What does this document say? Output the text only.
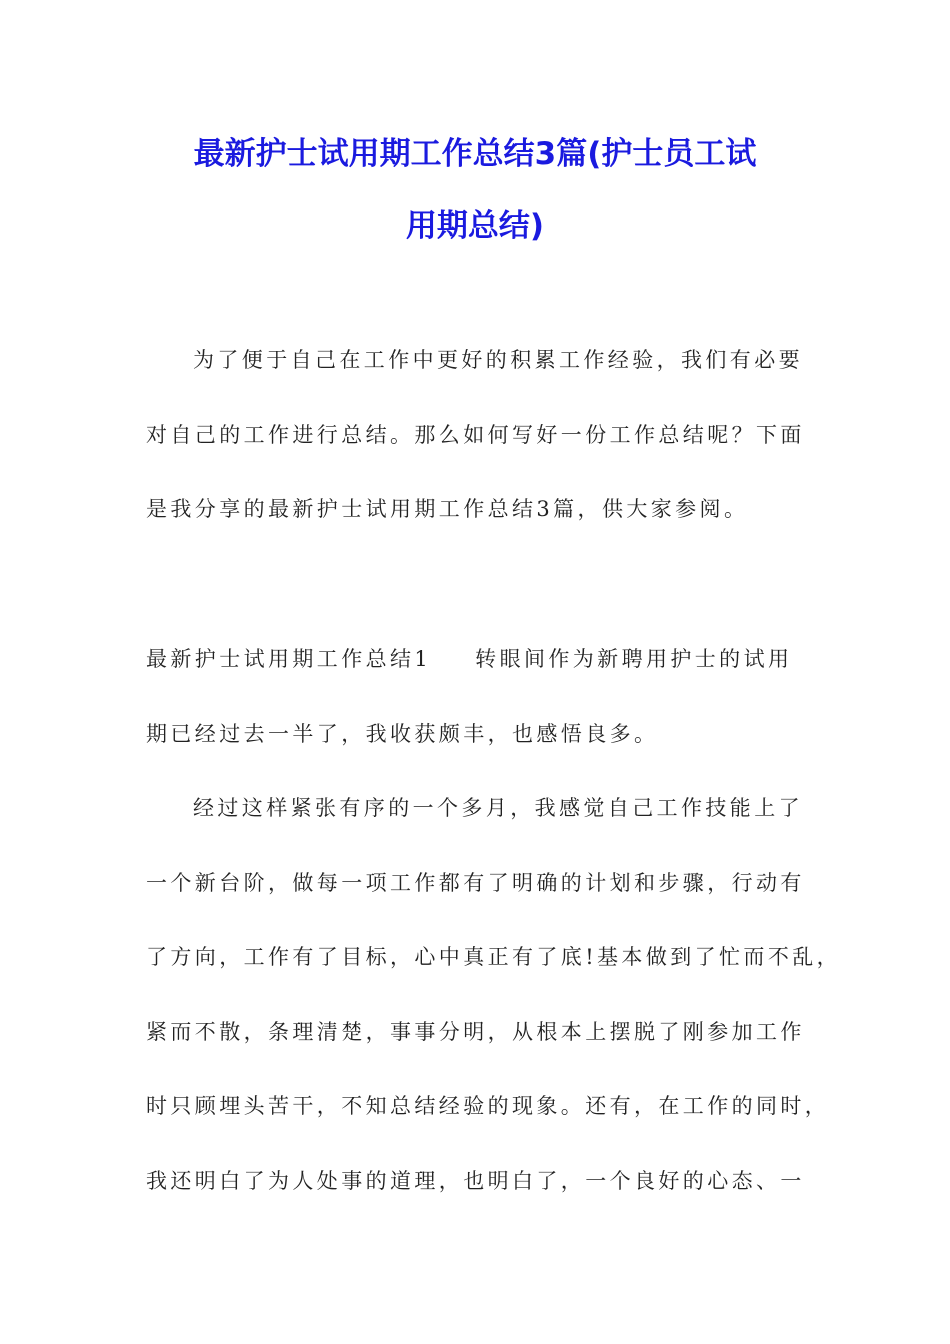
最新护士试用期工作总结3篇(护士员工试
用期总结)

为了便于自己在工作中更好的积累工作经验，我们有必要

对自己的工作进行总结。那么如何写好一份工作总结呢？下面

是我分享的最新护士试用期工作总结3篇，供大家参阅。

最新护士试用期工作总结1 转眼间作为新聘用护士的试用

期已经过去一半了，我收获颇丰，也感悟良多。

经过这样紧张有序的一个多月，我感觉自己工作技能上了

一个新台阶，做每一项工作都有了明确的计划和步骤，行动有

了方向，工作有了目标，心中真正有了底!基本做到了忙而不乱，

紧而不散，条理清楚，事事分明，从根本上摆脱了刚参加工作

时只顾埋头苦干，不知总结经验的现象。还有，在工作的同时，

我还明白了为人处事的道理，也明白了，一个良好的心态、一
